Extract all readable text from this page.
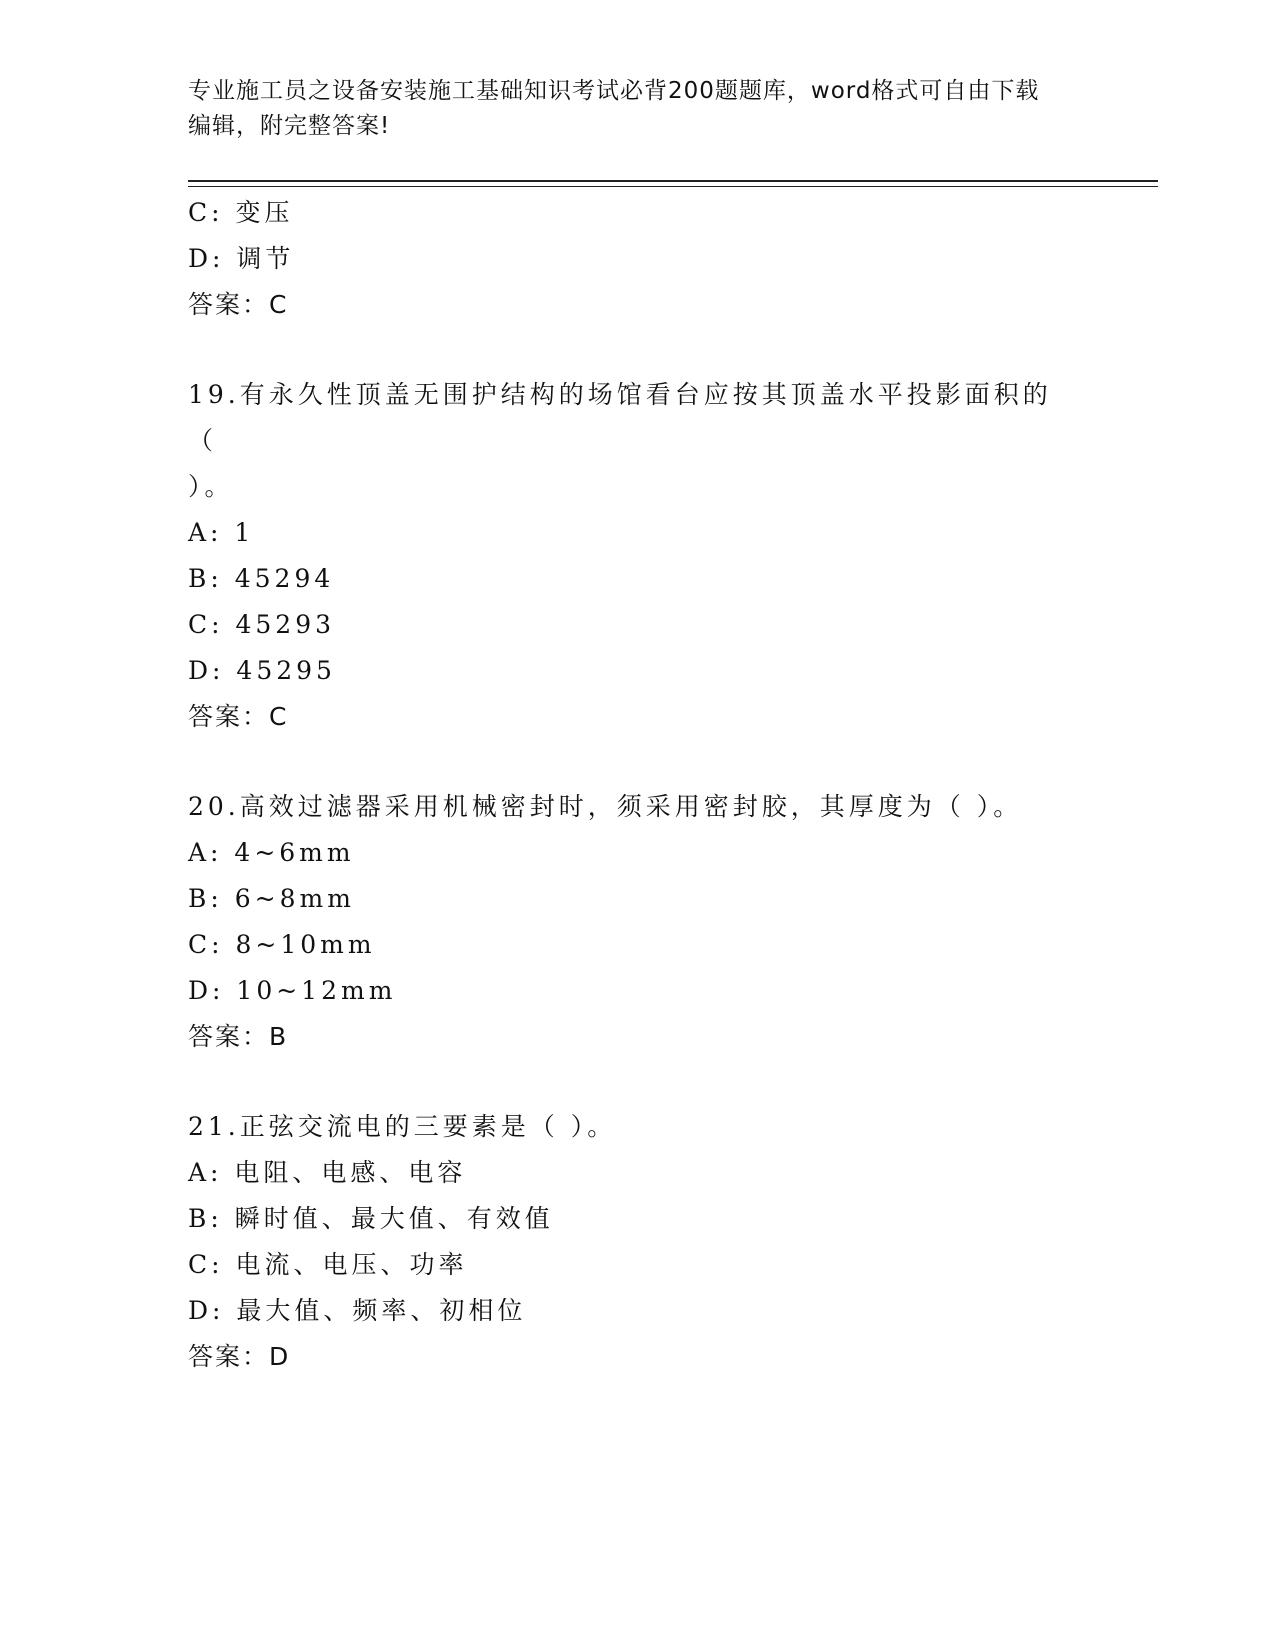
专业施工员之设备安装施工基础知识考试必背200题题库，word格式可自由下载
编辑，附完整答案!
C: 变压
D: 调节
答案：C
19.有永久性顶盖无围护结构的场馆看台应按其顶盖水平投影面积的（
）。
A: 1
B: 45294
C: 45293
D: 45295
答案：C
20.高效过滤器采用机械密封时，须采用密封胶，其厚度为（ ）。
A: 4~6mm
B: 6~8mm
C: 8~10mm
D: 10~12mm
答案：B
21.正弦交流电的三要素是（ ）。
A: 电阻、电感、电容
B: 瞬时值、最大值、有效值
C: 电流、电压、功率
D: 最大值、频率、初相位
答案：D
